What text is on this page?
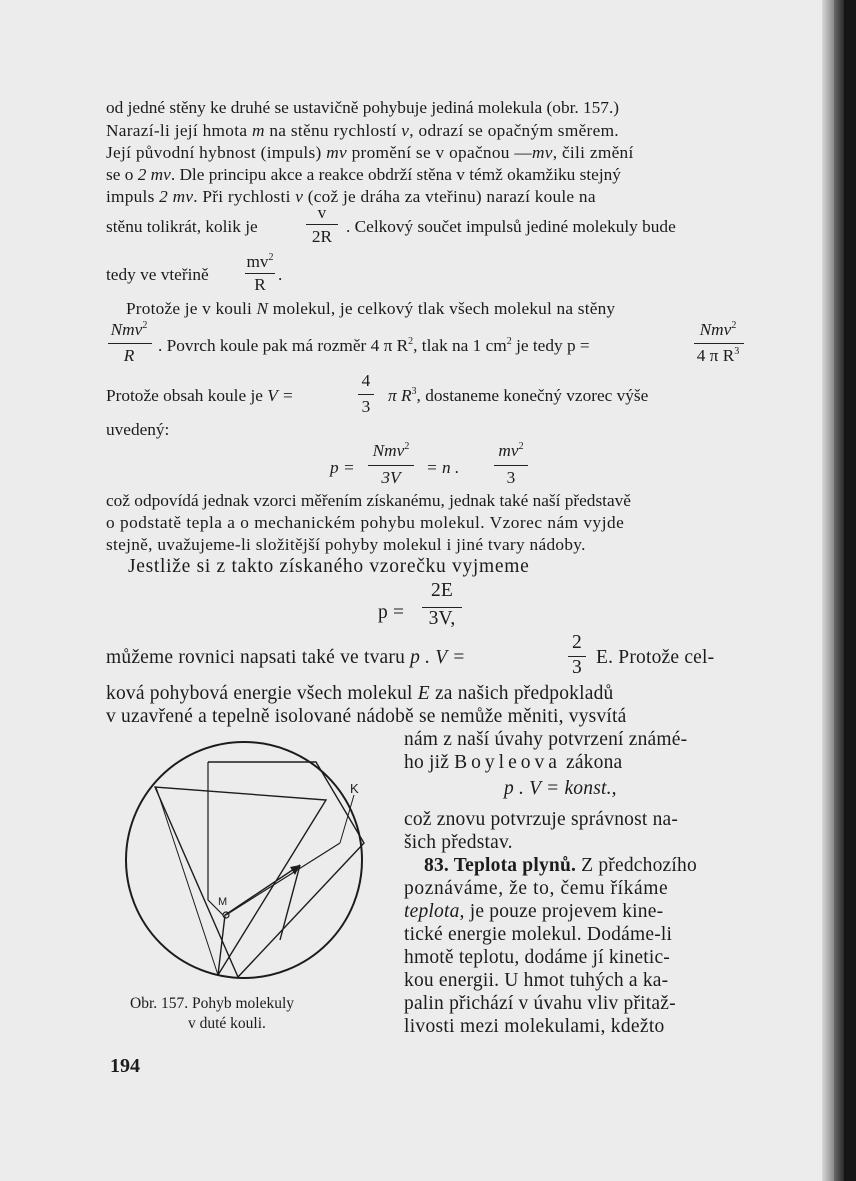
od jedné stěny ke druhé se ustavičně pohybuje jediná molekula (obr. 157.)
Narazí-li její hmota m na stěnu rychlostí v, odrazí se opačným směrem.
Její původní hybnost (impuls) mv promění se v opačnou —mv, čili změní
se o 2 mv. Dle principu akce a reakce obdrží stěna v témž okamžiku stejný
impuls 2 mv. Při rychlosti v (což je dráha za vteřinu) narazí koule na
stěnu tolikrát, kolik je
v
2R
. Celkový součet impulsů jediné molekuly bude
tedy ve vteřině
$mv^2$
R
.
Protože je v kouli N molekul, je celkový tlak všech molekul na stěny
Nmv$^2$
R
. Povrch koule pak má rozměr 4 π $R^2$, tlak na 1 $cm^2$ je tedy p =
Nmv$^2$
4 π $R^3$
Protože obsah koule je V =
4
3
π $R^3$, dostaneme konečný vzorec výše
uvedený:
p =
Nmv$^2$
3V
= n .
$mv^2$
3
což odpovídá jednak vzorci měřením získanému, jednak také naší představě
o podstatě tepla a o mechanickém pohybu molekul. Vzorec nám vyjde
stejně, uvažujeme-li složitější pohyby molekul i jiné tvary nádoby.
Jestliže si z takto získaného vzorečku vyjmeme
p =
2E
3V,
můžeme rovnici napsati také ve tvaru p . V =
2
3 E. Protože cel-
ková pohybová energie všech molekul E za našich předpokladů
v uzavřené a tepelně isolované nádobě se nemůže měniti, vysvítá
nám z naší úvahy potvrzení známé-
ho již Boyleova zákona
p . V = konst.,
což znovu potvrzuje správnost na-
šich představ.
83. Teplota plynů. Z předchozího
poznáváme, že to, čemu říkáme
teplota, je pouze projevem kine-
tické energie molekul. Dodáme-li
hmotě teplotu, dodáme jí kinetic-
kou energii. U hmot tuhých a ka-
palin přichází v úvahu vliv přitaž-
livosti mezi molekulami, kdežto
K
M
Obr. 157. Pohyb molekuly
v duté kouli.
194
